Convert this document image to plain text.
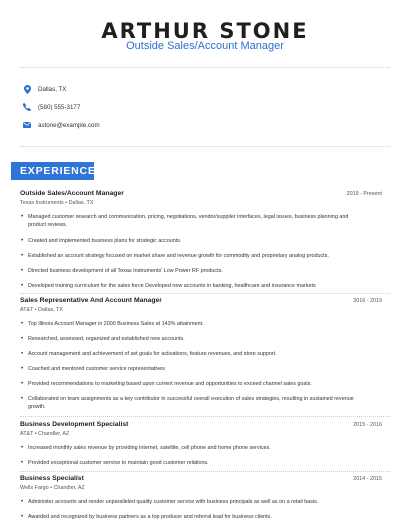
ARTHUR STONE
Outside Sales/Account Manager
Dallas, TX
(580) 555-3177
astone@example.com
EXPERIENCE
Outside Sales/Account Manager	2019 - Present
Texas Instruments • Dallas, TX
• Managed customer research and communication, pricing, negotiations, vendor/supplier interfaces, legal issues, business planning and product reviews.
• Created and implemented business plans for strategic accounts.
• Established an account strategy focused on market share and revenue growth for commodity and proprietary analog products.
• Directed business development of all Texas Instruments' Low Power RF products.
• Developed training curriculum for the sales force Developed new accounts in banking, healthcare and insurance markets
Sales Representative And Account Manager	2016 - 2019
AT&T • Dallas, TX
• Top Illinois Account Manager in 2000 Business Sales at 143% attainment.
• Researched, assessed, organized and established new accounts.
• Account management and achievement of set goals for activations, feature revenues, and store support.
• Coached and mentored customer service representatives
• Provided recommendations to marketing based upon current revenue and opportunities to exceed channel sales goals.
• Collaborated on team assignments as a key contributor in successful overall execution of sales strategies, resulting in sustained revenue growth.
Business Development Specialist	2015 - 2016
AT&T • Chandler, AZ
• Increased monthly sales revenue by providing internet, satellite, cell phone and home phone services.
• Provided exceptional customer service to maintain good customer relations.
Business Specialist	2014 - 2015
Wells Fargo • Chandler, AZ
• Administer accounts and render unparalleled quality customer service with business principals as well as on a retail basis.
• Awarded and recognized by business partners as a top producer and referral lead for business clients.
